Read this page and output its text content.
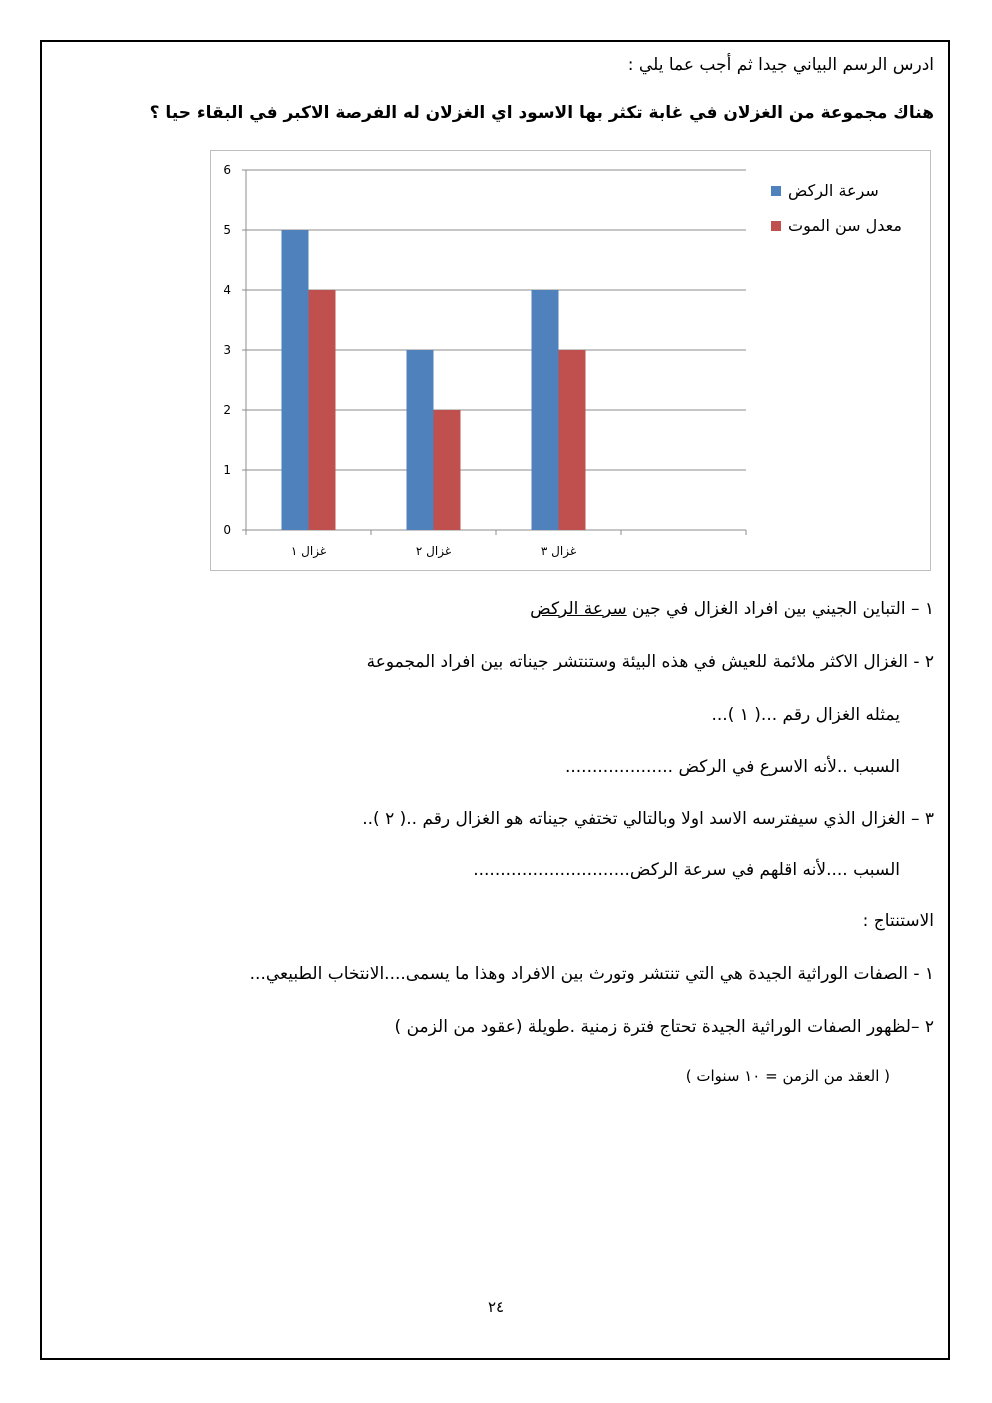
ادرس الرسم البياني جيدا ثم أجب عما يلي :
هناك مجموعة من الغزلان في غابة تكثر بها الاسود اي الغزلان له الفرصة الاكبر في البقاء حيا ؟
0
1
2
3
4
5
6
غزال ١	غزال ٢	غزال ٣
سرعة الركض
معدل سن الموت
١ – التباين الجيني بين افراد الغزال في جين سرعة الركض
٢ - الغزال الاكثر ملائمة للعيش في هذه البيئة وستنتشر جيناته بين افراد المجموعة
يمثله الغزال رقم ...( ١ )...
السبب ..لأنه الاسرع في الركض ....................
٣ – الغزال الذي سيفترسه الاسد اولا وبالتالي تختفي جيناته هو الغزال رقم ..( ٢ )..
السبب ....لأنه اقلهم في سرعة الركض.............................
الاستنتاج :
١ - الصفات الوراثية الجيدة هي التي تنتشر وتورث بين الافراد وهذا ما يسمى....الانتخاب الطبيعي...
٢ –لظهور الصفات الوراثية الجيدة تحتاج فترة زمنية .طويلة (عقود من الزمن )
( العقد من الزمن = ١٠ سنوات )
٢٤
